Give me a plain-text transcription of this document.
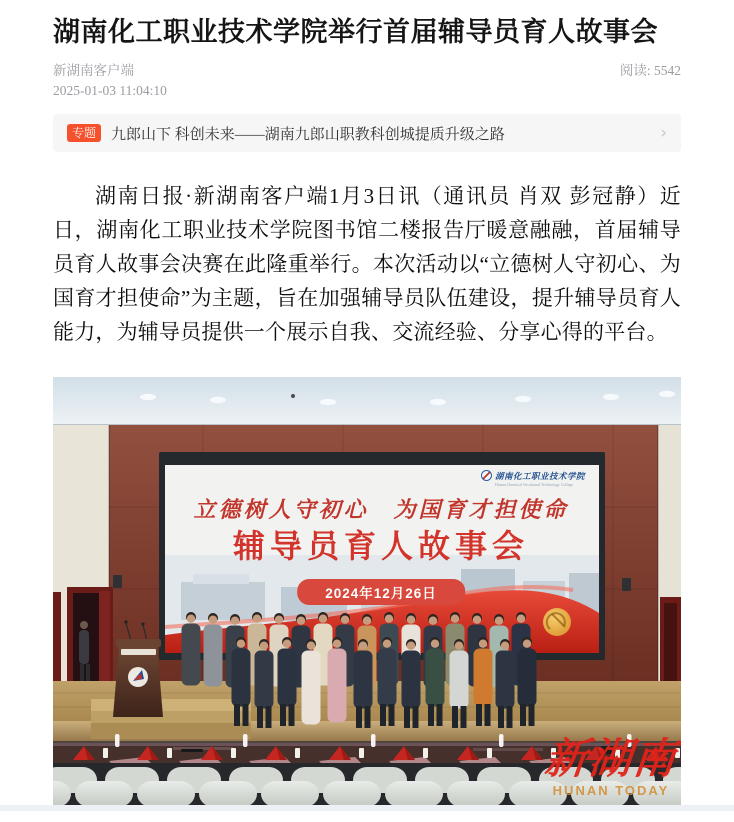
湖南化工职业技术学院举行首届辅导员育人故事会
新湖南客户端
2025-01-03 11:04:10
阅读: 5542
专题	九郎山下 科创未来——湖南九郎山职教科创城提质升级之路	›

湖南日报·新湖南客户端1月3日讯（通讯员 肖双 彭冠静）近日，湖南化工职业技术学院图书馆二楼报告厅暖意融融，首届辅导员育人故事会决赛在此隆重举行。本次活动以“立德树人守初心、为国育才担使命”为主题，旨在加强辅导员队伍建设，提升辅导员育人能力，为辅导员提供一个展示自我、交流经验、分享心得的平台。

湖南化工职业技术学院
Hunan Chemical Vocational Technology College
立德树人守初心　为国育才担使命
辅导员育人故事会
2024年12月26日
新湖南
HUNAN TODAY
